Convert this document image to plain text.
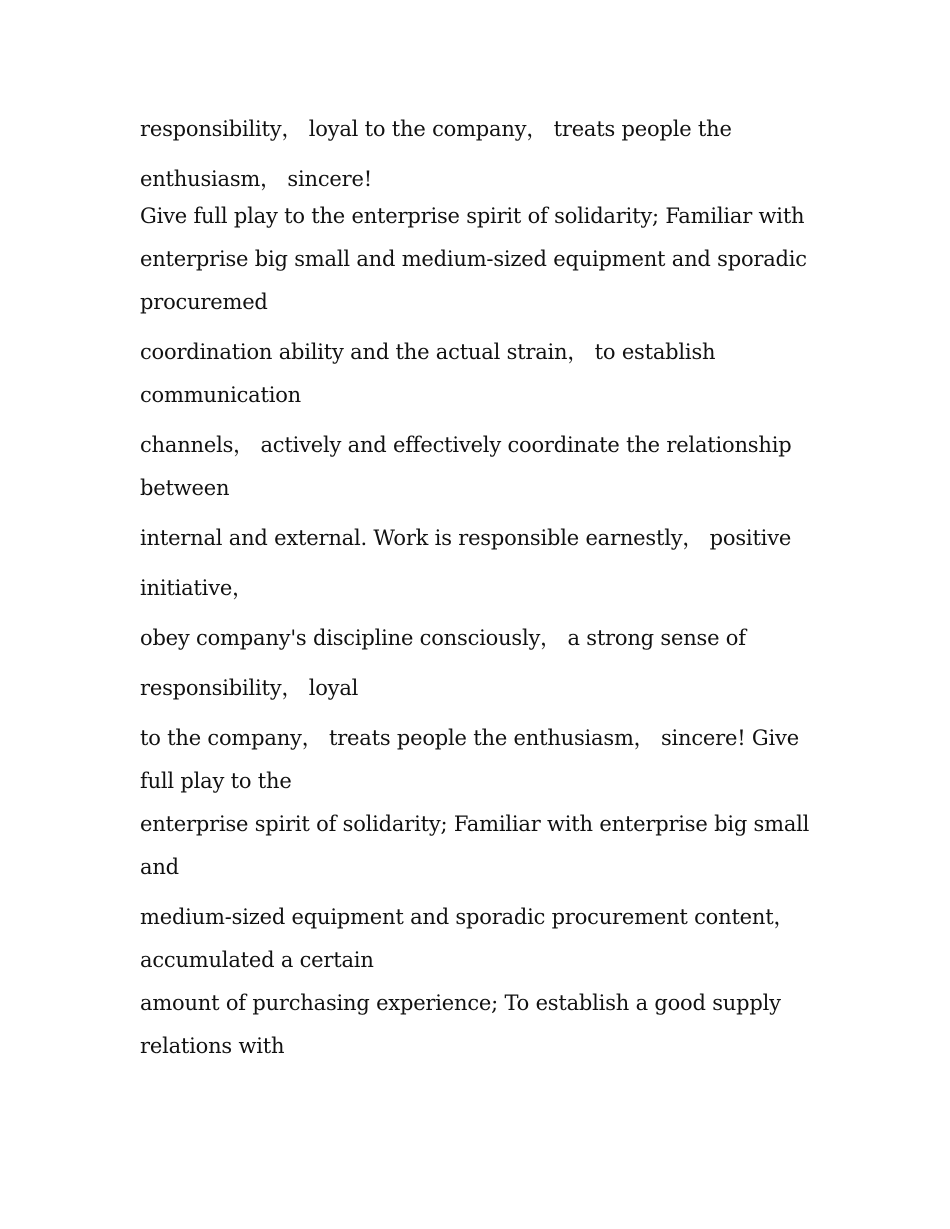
responsibility， loyal to the company， treats people the
enthusiasm， sincere!
Give full play to the enterprise spirit of solidarity; Familiar with
enterprise big small and medium-sized equipment and sporadic
procuremed
coordination ability and the actual strain， to establish
communication
channels， actively and effectively coordinate the relationship
between
internal and external. Work is responsible earnestly， positive
initiative，
obey company's discipline consciously， a strong sense of
responsibility， loyal
to the company， treats people the enthusiasm， sincere! Give
full play to the
enterprise spirit of solidarity; Familiar with enterprise big small
and
medium-sized equipment and sporadic procurement content，
accumulated a certain
amount of purchasing experience; To establish a good supply
relations with
